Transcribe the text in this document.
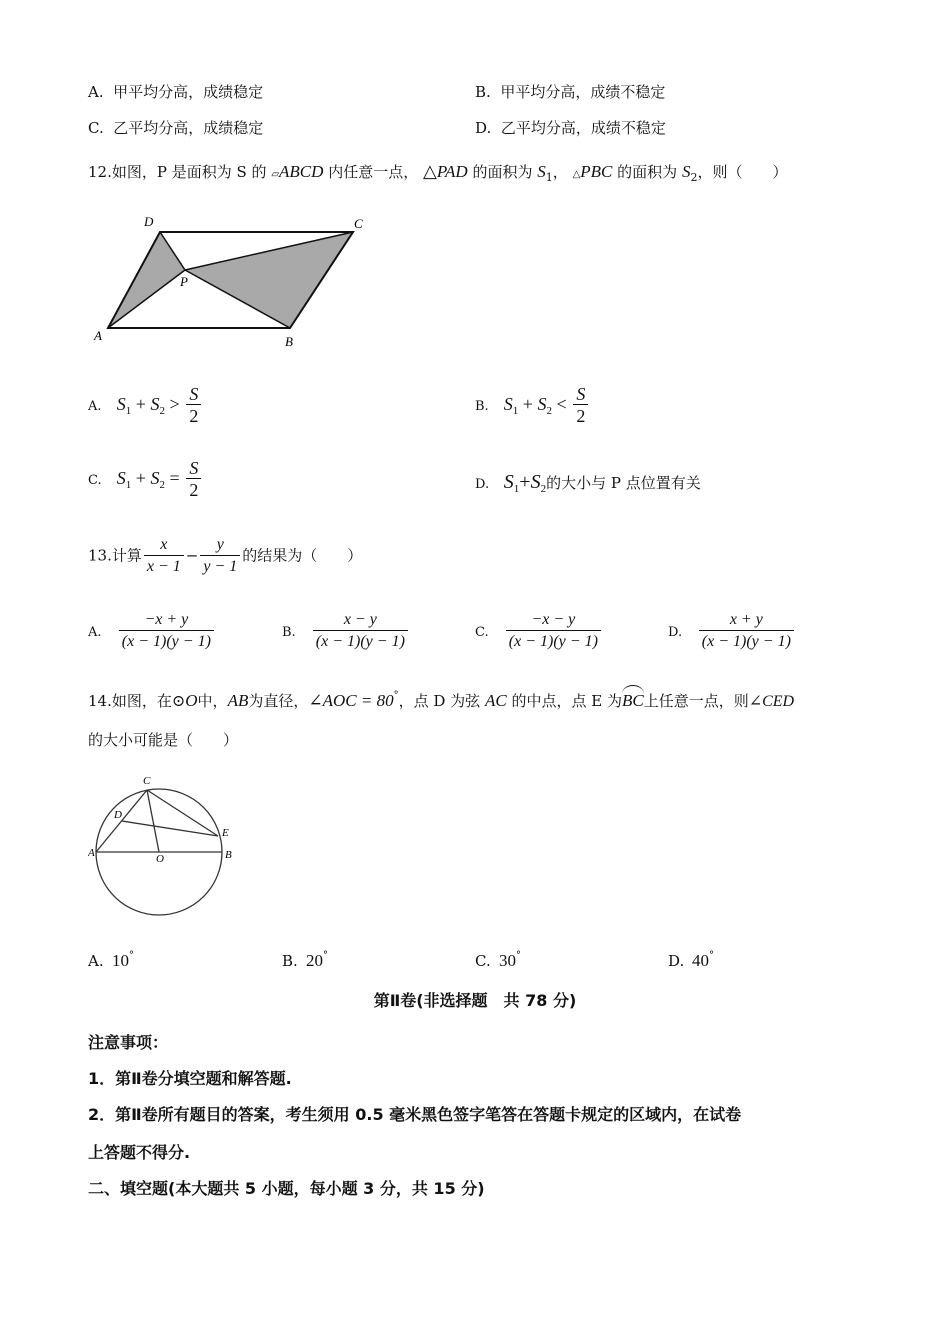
A. 甲平均分高，成绩稳定	B. 甲平均分高，成绩不稳定
C. 乙平均分高，成绩稳定	D. 乙平均分高，成绩不稳定
12.如图，P 是面积为 S 的 ▱ABCD 内任意一点， △PAD 的面积为 $S_1$， △PBC 的面积为 $S_2$，则（　　）
D	C
P
A	B
A. $S_1 + S_2 > \frac{S}{2}$	B. $S_1 + S_2 < \frac{S}{2}$
C. $S_1 + S_2 = \frac{S}{2}$	D. $S_1+S_2$的大小与 P 点位置有关
13.计算 $\frac{x}{x - 1} - \frac{y}{y - 1}$ 的结果为（　　）
A. $\frac{-x + y}{(x - 1)(y - 1)}$	B. $\frac{x - y}{(x - 1)(y - 1)}$	C. $\frac{-x - y}{(x - 1)(y - 1)}$	D. $\frac{x + y}{(x - 1)(y - 1)}$
14.如图，在⊙O中，AB为直径，∠AOC = 80°，点 D 为弦 AC 的中点，点 E 为BC上任意一点，则∠CED
的大小可能是（　　）
C
D
E
A	O	B
A. 10°	B. 20°	C. 30°	D. 40°
第Ⅱ卷(非选择题　共 78 分)
注意事项：
1．第Ⅱ卷分填空题和解答题.
2．第Ⅱ卷所有题目的答案，考生须用 0.5 毫米黑色签字笔答在答题卡规定的区域内，在试卷
上答题不得分.
二、填空题(本大题共 5 小题，每小题 3 分，共 15 分)
